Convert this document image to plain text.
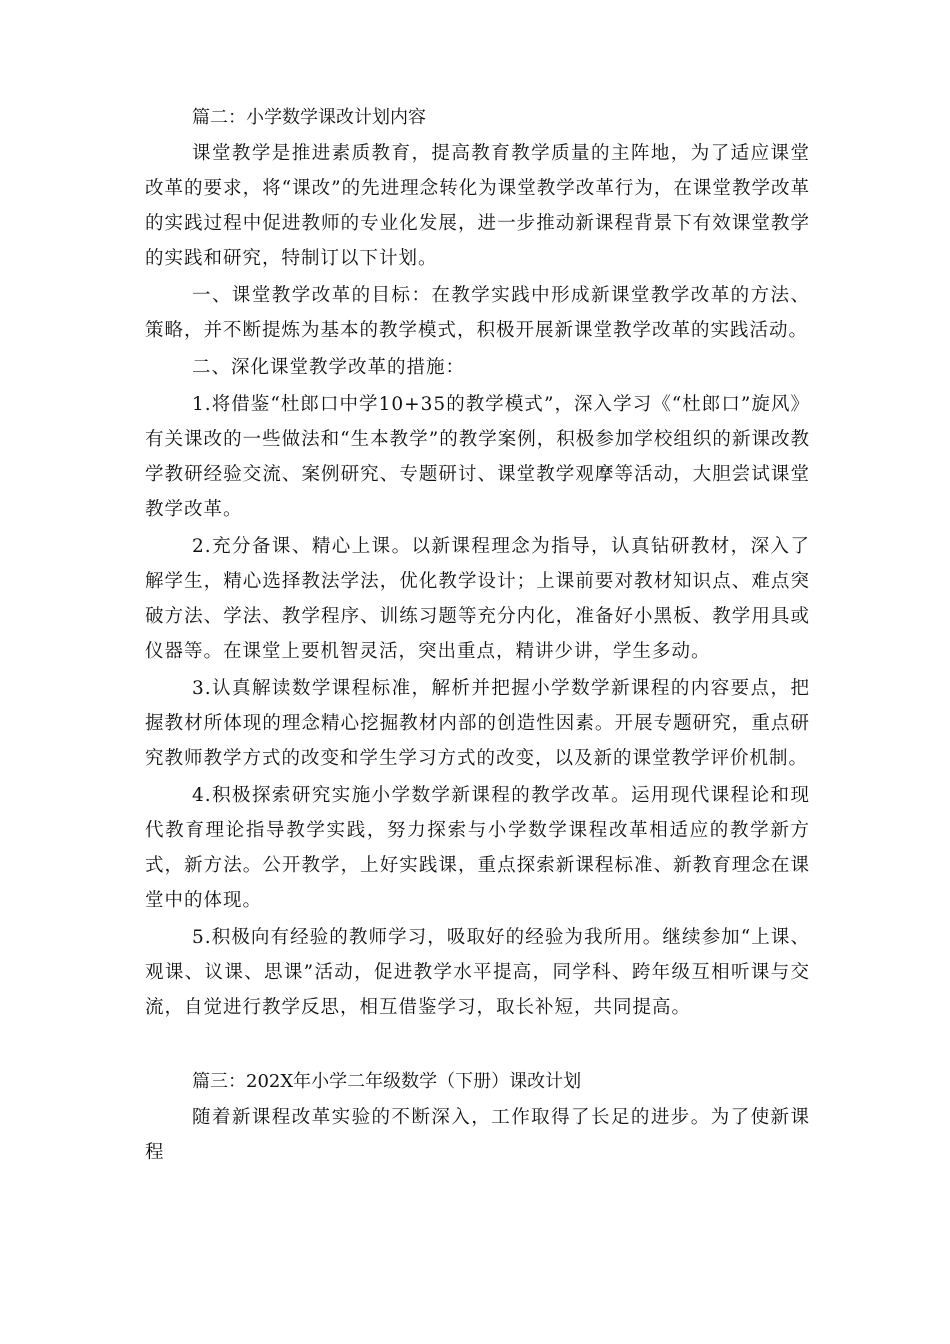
篇二：小学数学课改计划内容

课堂教学是推进素质教育，提高教育教学质量的主阵地，为了适应课堂改革的要求，将“课改”的先进理念转化为课堂教学改革行为，在课堂教学改革的实践过程中促进教师的专业化发展，进一步推动新课程背景下有效课堂教学的实践和研究，特制订以下计划。

一、课堂教学改革的目标：在教学实践中形成新课堂教学改革的方法、策略，并不断提炼为基本的教学模式，积极开展新课堂教学改革的实践活动。

二、深化课堂教学改革的措施：

1.将借鉴“杜郎口中学10+35的教学模式”，深入学习《“杜郎口”旋风》有关课改的一些做法和“生本教学”的教学案例，积极参加学校组织的新课改教学教研经验交流、案例研究、专题研讨、课堂教学观摩等活动，大胆尝试课堂教学改革。

2.充分备课、精心上课。以新课程理念为指导，认真钻研教材，深入了解学生，精心选择教法学法，优化教学设计；上课前要对教材知识点、难点突破方法、学法、教学程序、训练习题等充分内化，准备好小黑板、教学用具或仪器等。在课堂上要机智灵活，突出重点，精讲少讲，学生多动。

3.认真解读数学课程标准，解析并把握小学数学新课程的内容要点，把握教材所体现的理念精心挖掘教材内部的创造性因素。开展专题研究，重点研究教师教学方式的改变和学生学习方式的改变，以及新的课堂教学评价机制。

4.积极探索研究实施小学数学新课程的教学改革。运用现代课程论和现代教育理论指导教学实践，努力探索与小学数学课程改革相适应的教学新方式，新方法。公开教学，上好实践课，重点探索新课程标准、新教育理念在课堂中的体现。

5.积极向有经验的教师学习，吸取好的经验为我所用。继续参加“上课、观课、议课、思课”活动，促进教学水平提高，同学科、跨年级互相听课与交流，自觉进行教学反思，相互借鉴学习，取长补短，共同提高。

篇三：202X年小学二年级数学（下册）课改计划

随着新课程改革实验的不断深入，工作取得了长足的进步。为了使新课程
